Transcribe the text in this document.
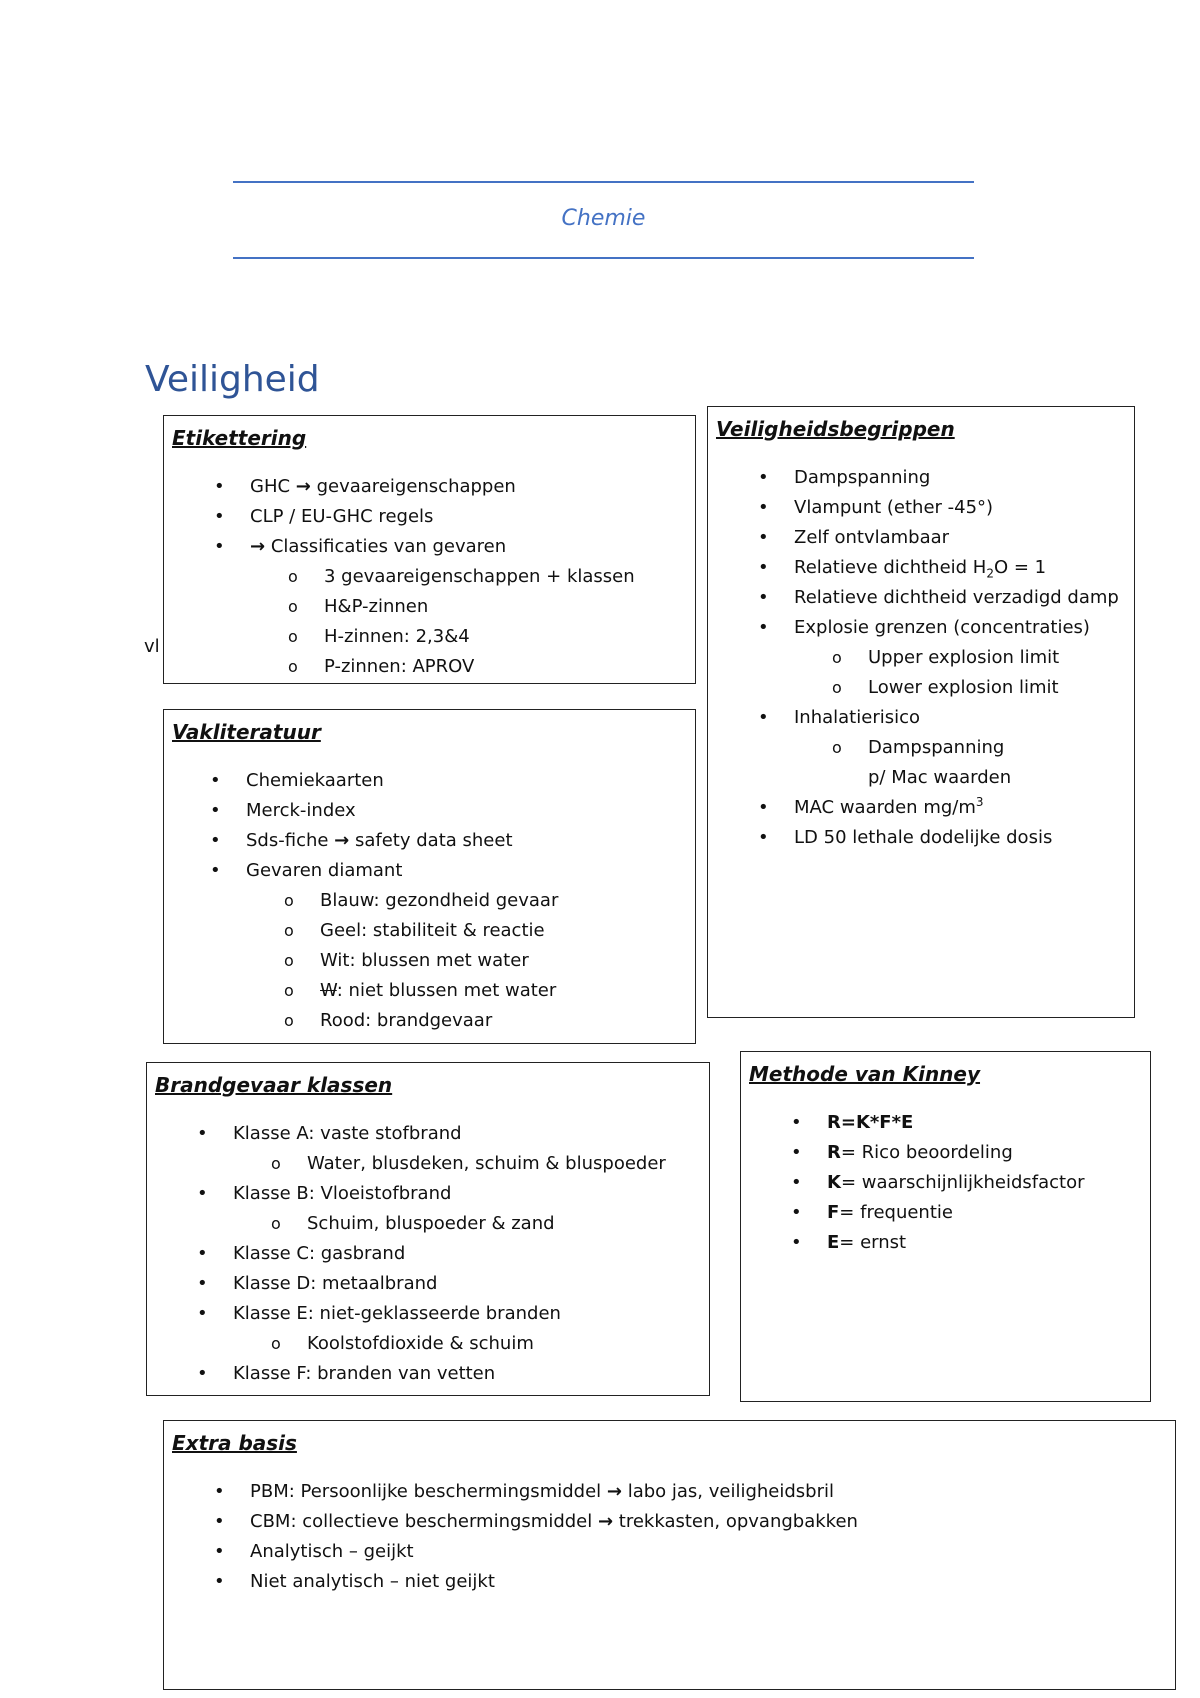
Chemie
Veiligheid
vl
Etikettering
• GHC → gevaareigenschappen
• CLP / EU-GHC regels
• → Classificaties van gevaren
o 3 gevaareigenschappen + klassen
o H&P-zinnen
o H-zinnen: 2,3&4
o P-zinnen: APROV
Vakliteratuur
• Chemiekaarten
• Merck-index
• Sds-fiche → safety data sheet
• Gevaren diamant
o Blauw: gezondheid gevaar
o Geel: stabiliteit & reactie
o Wit: blussen met water
o W: niet blussen met water
o Rood: brandgevaar
Veiligheidsbegrippen
• Dampspanning
• Vlampunt (ether -45°)
• Zelf ontvlambaar
• Relatieve dichtheid $H_2O = 1$
• Relatieve dichtheid verzadigd damp
• Explosie grenzen (concentraties)
o Upper explosion limit
o Lower explosion limit
• Inhalatierisico
o Dampspanning p/ Mac waarden
• MAC waarden $mg/m^3$
• LD 50 lethale dodelijke dosis
Brandgevaar klassen
• Klasse A: vaste stofbrand
o Water, blusdeken, schuim & bluspoeder
• Klasse B: Vloeistofbrand
o Schuim, bluspoeder & zand
• Klasse C: gasbrand
• Klasse D: metaalbrand
• Klasse E: niet-geklasseerde branden
o Koolstofdioxide & schuim
• Klasse F: branden van vetten
Methode van Kinney
• R=K*F*E
• R= Rico beoordeling
• K= waarschijnlijkheidsfactor
• F= frequentie
• E= ernst
Extra basis
• PBM: Persoonlijke beschermingsmiddel → labo jas, veiligheidsbril
• CBM: collectieve beschermingsmiddel → trekkasten, opvangbakken
• Analytisch – geijkt
• Niet analytisch – niet geijkt
